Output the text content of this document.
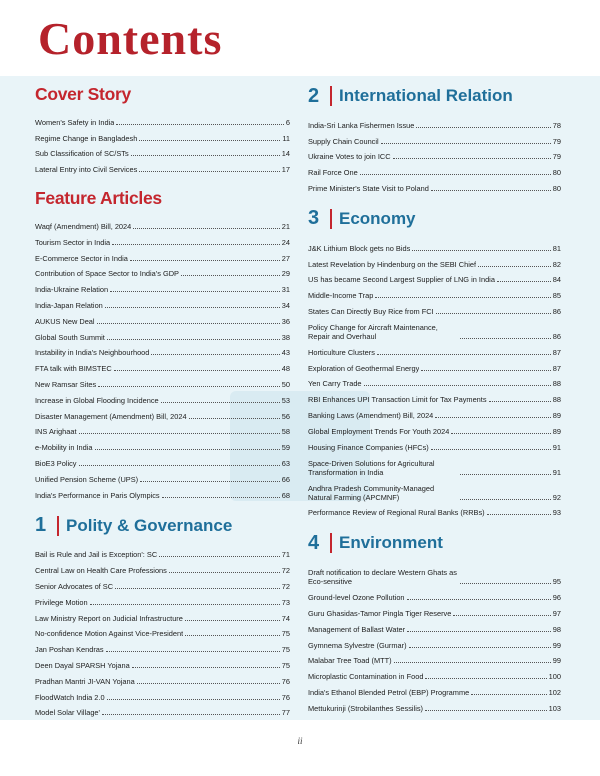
Contents
Cover Story
Women's Safety in India	6
Regime Change in Bangladesh	11
Sub Classification of SC/STs	14
Lateral Entry into Civil Services	17
Feature Articles
Waqf (Amendment) Bill, 2024	21
Tourism Sector in India	24
E-Commerce Sector in India	27
Contribution of Space Sector to India's GDP	29
India-Ukraine Relation	31
India-Japan Relation	34
AUKUS New Deal	36
Global South Summit	38
Instability in India's Neighbourhood	43
FTA talk with BIMSTEC	48
New Ramsar Sites	50
Increase in Global Flooding Incidence	53
Disaster Management (Amendment) Bill, 2024	56
INS Arighaat	58
e-Mobility in India	59
BioE3 Policy	63
Unified Pension Scheme (UPS)	66
India's Performance in Paris Olympics	68
1	Polity & Governance
Bail is Rule and Jail is Exception': SC	71
Central Law on Health Care Professions	72
Senior Advocates of SC	72
Privilege Motion	73
Law Ministry Report on Judicial Infrastructure	74
No-confidence Motion Against Vice-President	75
Jan Poshan Kendras	75
Deen Dayal SPARSH Yojana	75
Pradhan Mantri JI-VAN Yojana	76
FloodWatch India 2.0	76
Model Solar Village'	77
2	International Relation
India-Sri Lanka Fishermen Issue	78
Supply Chain Council	79
Ukraine Votes to join ICC	79
Rail Force One	80
Prime Minister's State Visit to Poland	80
3	Economy
J&K Lithium Block gets no Bids	81
Latest Revelation by Hindenburg on the SEBI Chief	82
US has became Second Largest Supplier of LNG in India	84
Middle-Income Trap	85
States Can Directly Buy Rice from FCI	86
Policy Change for Aircraft Maintenance, Repair and Overhaul	86
Horticulture Clusters	87
Exploration of Geothermal Energy	87
Yen Carry Trade	88
RBI Enhances UPI Transaction Limit for Tax Payments	88
Banking Laws (Amendment) Bill, 2024	89
Global Employment Trends For Youth 2024	89
Housing Finance Companies (HFCs)	91
Space-Driven Solutions for Agricultural Transformation in India	91
Andhra Pradesh Community-Managed Natural Farming (APCMNF)	92
Performance Review of Regional Rural Banks (RRBs)	93
4	Environment
Draft notification to declare Western Ghats as Eco-sensitive	95
Ground-level Ozone Pollution	96
Guru Ghasidas-Tamor Pingla Tiger Reserve	97
Management of Ballast Water	98
Gymnema Sylvestre (Gurmar)	99
Malabar Tree Toad (MTT)	99
Microplastic Contamination in Food	100
India's Ethanol Blended Petrol (EBP) Programme	102
Mettukurinji (Strobilanthes Sessilis)	103
ii
